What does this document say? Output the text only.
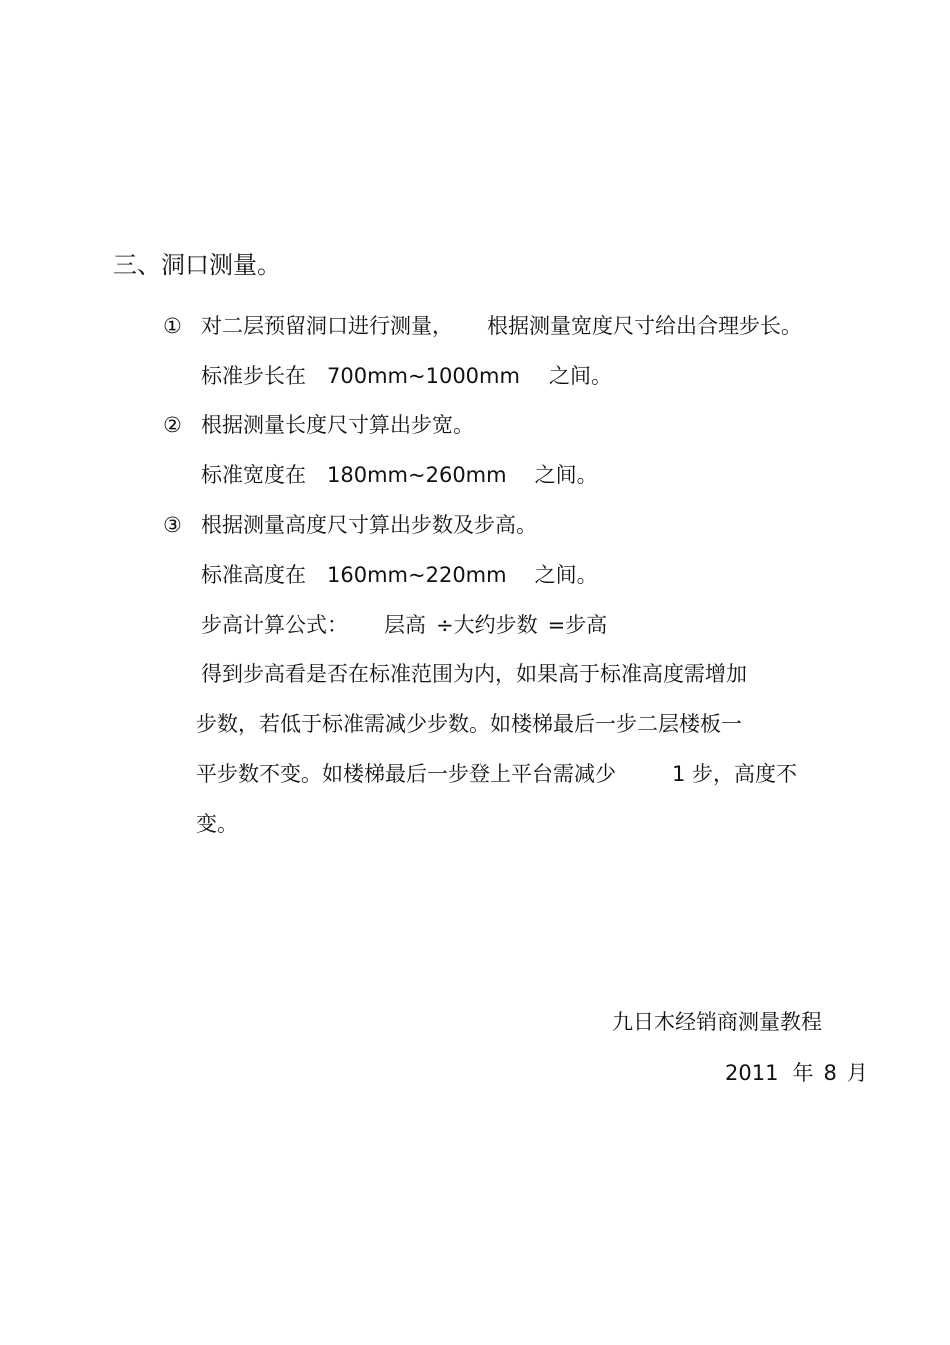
三、洞口测量。
① 对二层预留洞口进行测量， 根据测量宽度尺寸给出合理步长。
标准步长在 700mm~1000mm 之间。
② 根据测量长度尺寸算出步宽。
标准宽度在 180mm~260mm 之间。
③ 根据测量高度尺寸算出步数及步高。
标准高度在 160mm~220mm 之间。
步高计算公式： 层高 ÷大约步数 =步高
得到步高看是否在标准范围为内，如果高于标准高度需增加
步数，若低于标准需减少步数。如楼梯最后一步二层楼板一
平步数不变。如楼梯最后一步登上平台需减少	1 步，高度不
变。
九日木经销商测量教程
2011 年 8 月
